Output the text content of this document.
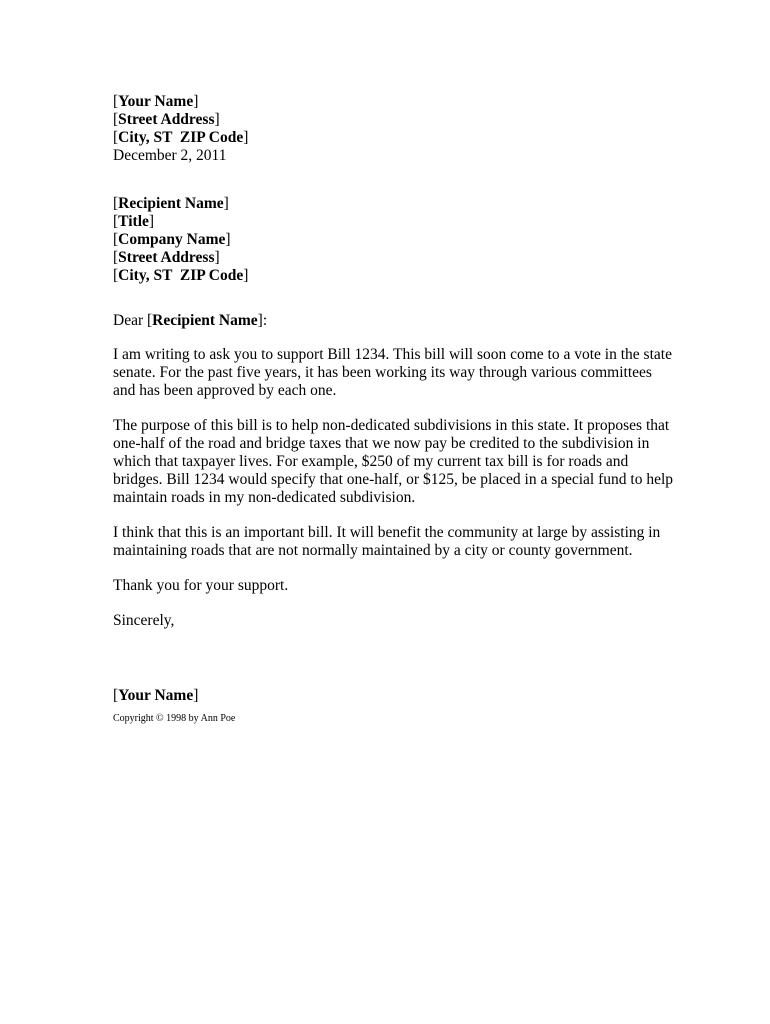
[Your Name]
[Street Address]
[City, ST  ZIP Code]
December 2, 2011
[Recipient Name]
[Title]
[Company Name]
[Street Address]
[City, ST  ZIP Code]

Dear [Recipient Name]:

I am writing to ask you to support Bill 1234. This bill will soon come to a vote in the state senate. For the past five years, it has been working its way through various committees and has been approved by each one.

The purpose of this bill is to help non-dedicated subdivisions in this state. It proposes that one-half of the road and bridge taxes that we now pay be credited to the subdivision in which that taxpayer lives. For example, $250 of my current tax bill is for roads and bridges. Bill 1234 would specify that one-half, or $125, be placed in a special fund to help maintain roads in my non-dedicated subdivision.

I think that this is an important bill. It will benefit the community at large by assisting in maintaining roads that are not normally maintained by a city or county government.

Thank you for your support.

Sincerely,

[Your Name]
Copyright © 1998 by Ann Poe
